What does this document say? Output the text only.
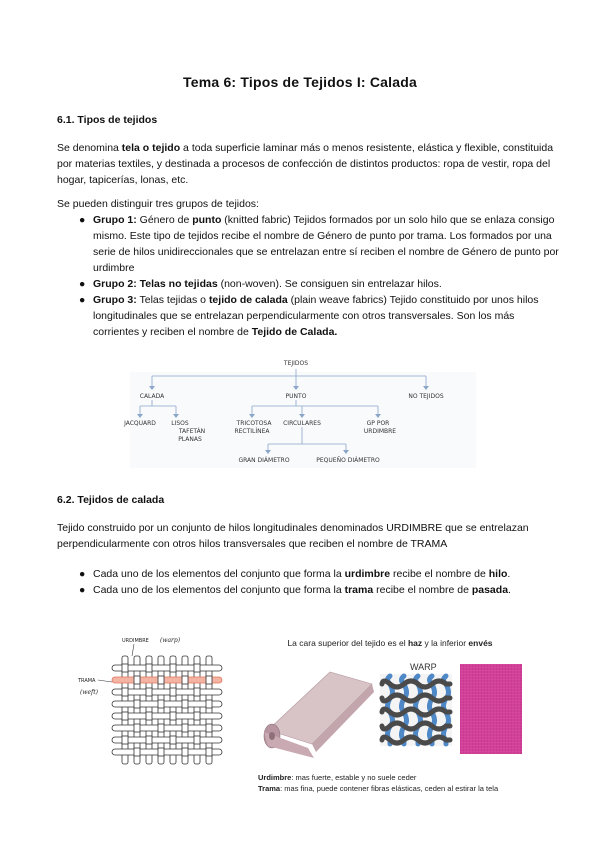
Tema 6: Tipos de Tejidos I: Calada
6.1. Tipos de tejidos
Se denomina tela o tejido a toda superficie laminar más o menos resistente, elástica y flexible, constituida por materias textiles, y destinada a procesos de confección de distintos productos: ropa de vestir, ropa del hogar, tapicerías, lonas, etc.
Se pueden distinguir tres grupos de tejidos:
● Grupo 1: Género de punto (knitted fabric) Tejidos formados por un solo hilo que se enlaza consigo mismo. Este tipo de tejidos recibe el nombre de Género de punto por trama. Los formados por una serie de hilos unidireccionales que se entrelazan entre sí reciben el nombre de Género de punto por urdimbre
● Grupo 2: Telas no tejidas (non-woven). Se consiguen sin entrelazar hilos.
● Grupo 3: Telas tejidas o tejido de calada (plain weave fabrics) Tejido constituido por unos hilos longitudinales que se entrelazan perpendicularmente con otros transversales. Son los más corrientes y reciben el nombre de Tejido de Calada.
TEJIDOS
CALADA	PUNTO	NO TEJIDOS
JACQUARD	LISOS
TAFETÁN
PLANAS
TRICOTOSA
RECTILÍNEA
CIRCULARES	GP POR
URDIMBRE
GRAN DIÁMETRO	PEQUEÑO DIÁMETRO
6.2. Tejidos de calada
Tejido construido por un conjunto de hilos longitudinales denominados URDIMBRE que se entrelazan perpendicularmente con otros hilos transversales que reciben el nombre de TRAMA
● Cada uno de los elementos del conjunto que forma la urdimbre recibe el nombre de hilo.
● Cada uno de los elementos del conjunto que forma la trama recibe el nombre de pasada.
URDIMBRE (warp)
TRAMA
(weft)
La cara superior del tejido es el haz y la inferior envés
WARP
Urdimbre: mas fuerte, estable y no suele ceder
Trama: mas fina, puede contener fibras elásticas, ceden al estirar la tela
